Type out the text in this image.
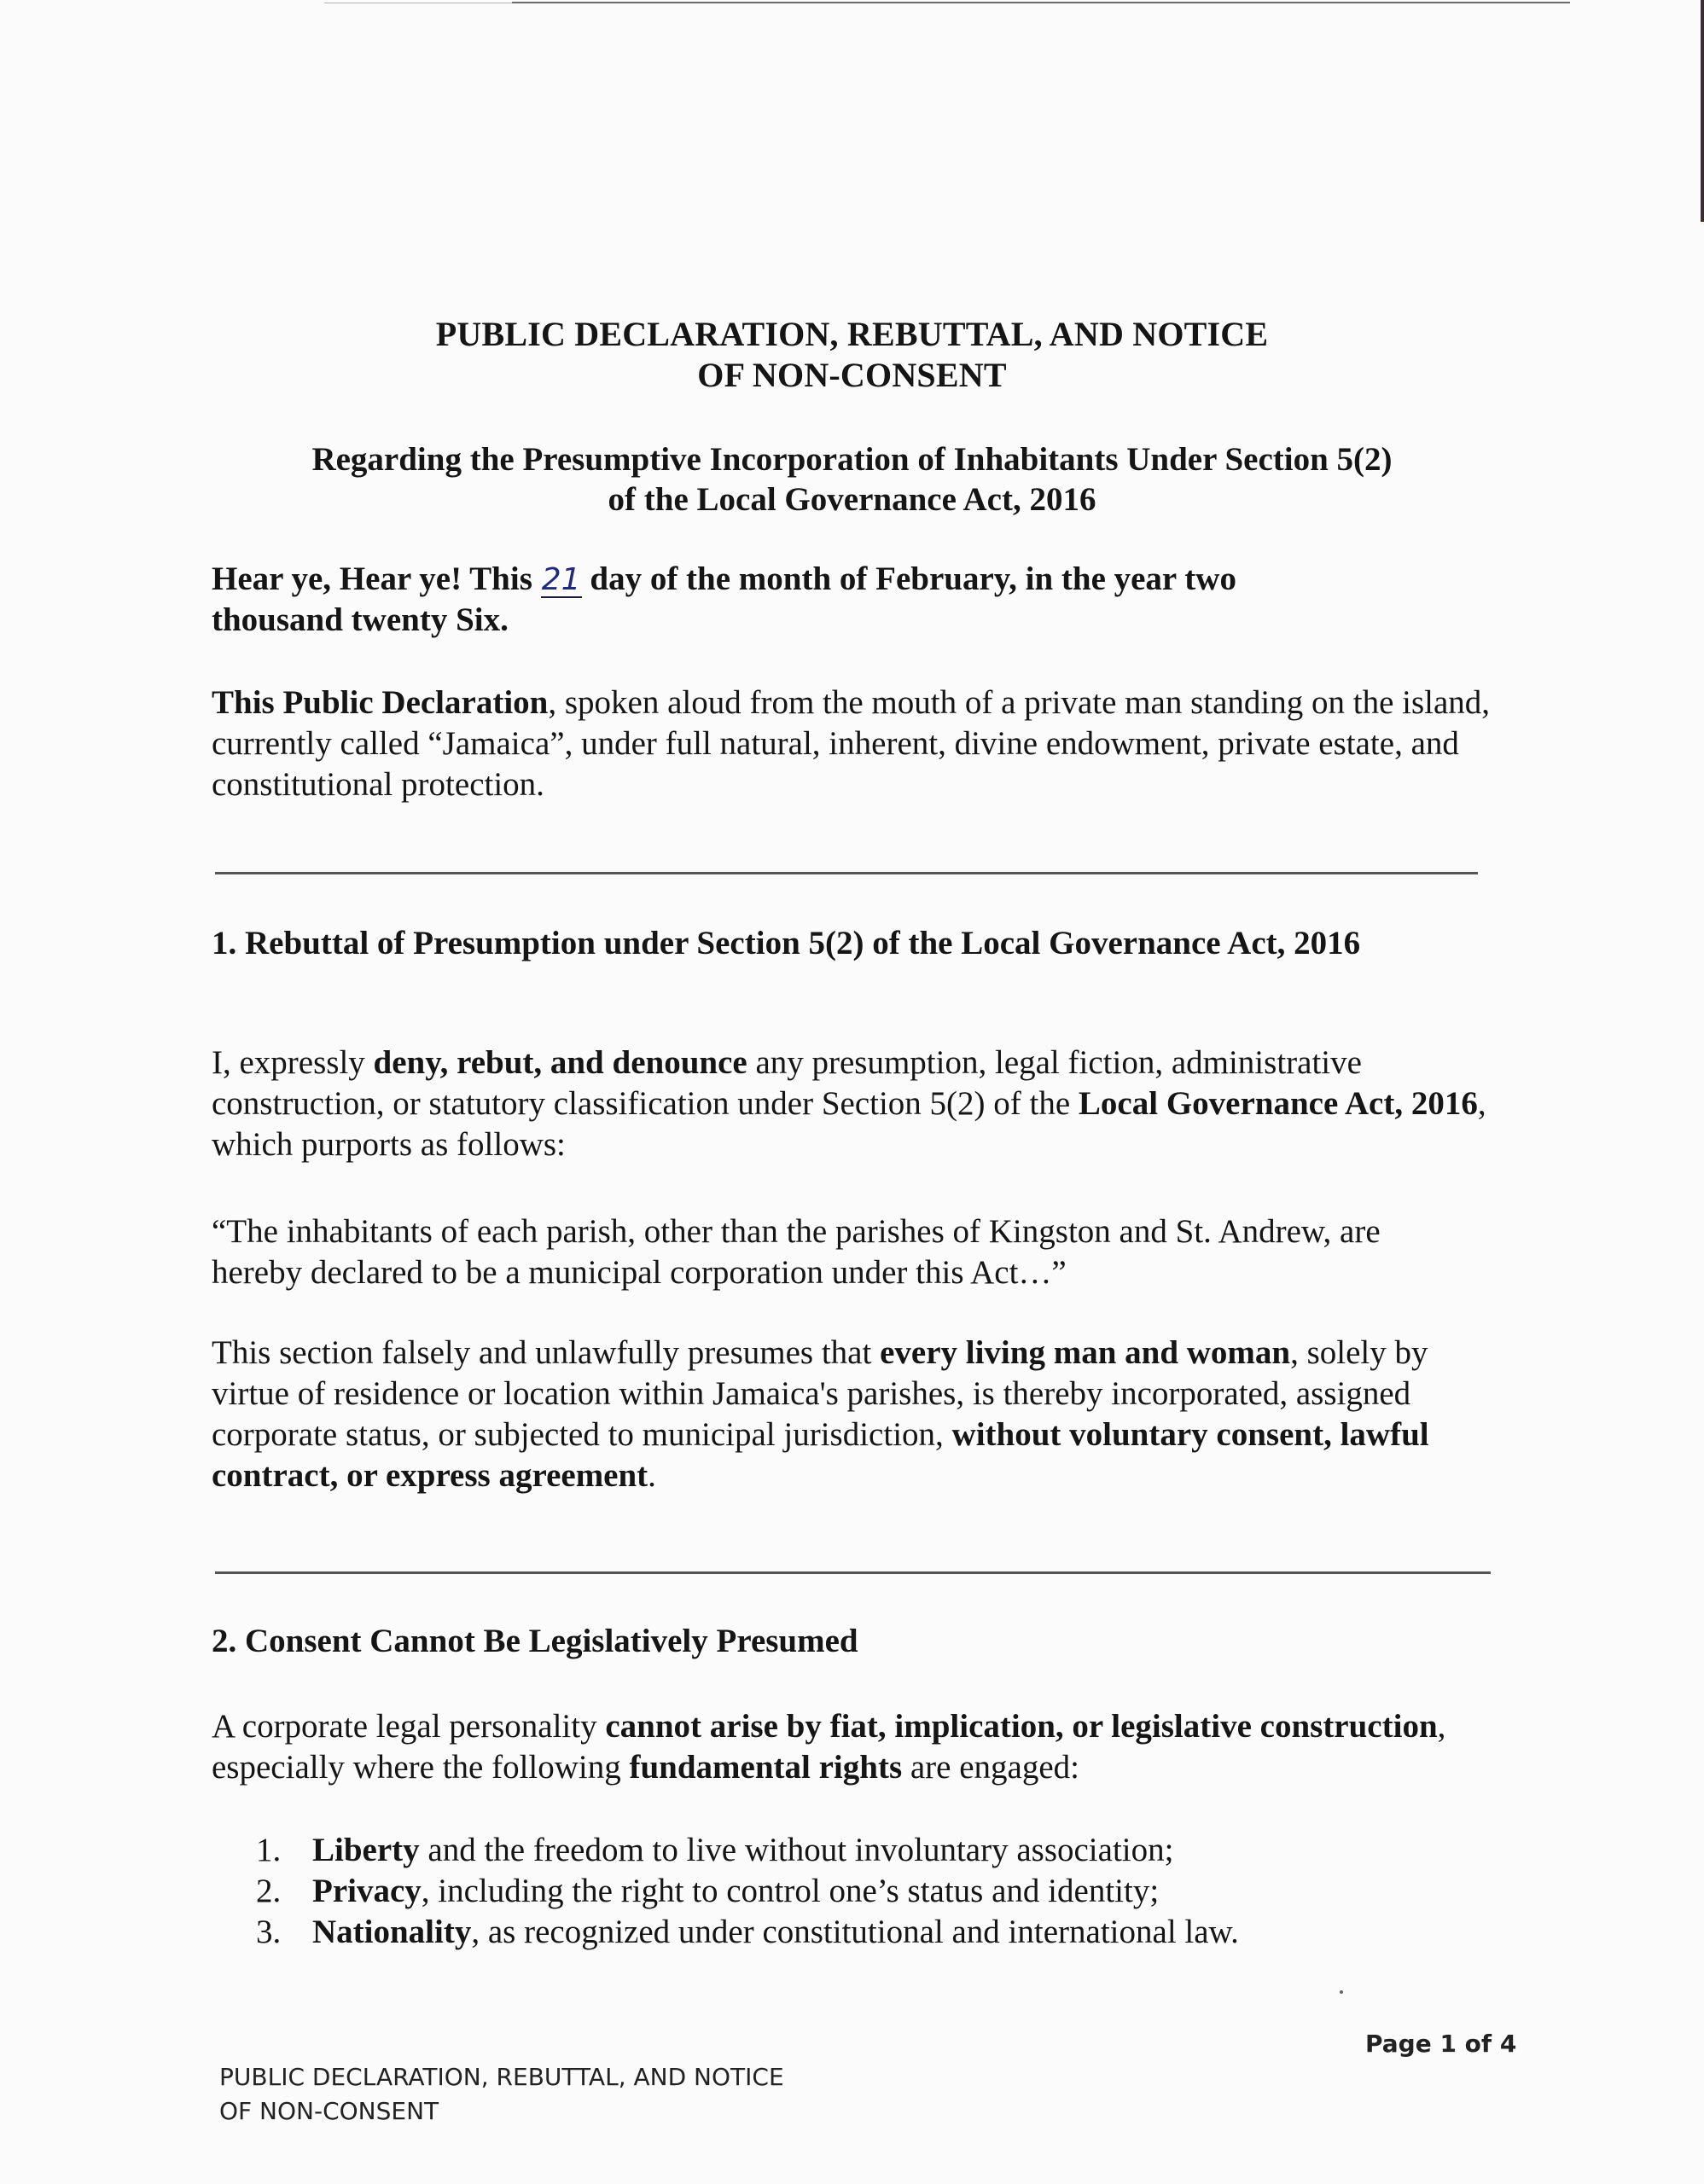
PUBLIC DECLARATION, REBUTTAL, AND NOTICE
OF NON-CONSENT
Regarding the Presumptive Incorporation of Inhabitants Under Section 5(2)
of the Local Governance Act, 2016
Hear ye, Hear ye! This 21 day of the month of February, in the year two
thousand twenty Six.
This Public Declaration, spoken aloud from the mouth of a private man standing on the island, currently called “Jamaica”, under full natural, inherent, divine endowment, private estate, and constitutional protection.
1. Rebuttal of Presumption under Section 5(2) of the Local Governance Act, 2016
I, expressly deny, rebut, and denounce any presumption, legal fiction, administrative construction, or statutory classification under Section 5(2) of the Local Governance Act, 2016, which purports as follows:
“The inhabitants of each parish, other than the parishes of Kingston and St. Andrew, are hereby declared to be a municipal corporation under this Act…”
This section falsely and unlawfully presumes that every living man and woman, solely by virtue of residence or location within Jamaica's parishes, is thereby incorporated, assigned corporate status, or subjected to municipal jurisdiction, without voluntary consent, lawful contract, or express agreement.
2. Consent Cannot Be Legislatively Presumed
A corporate legal personality cannot arise by fiat, implication, or legislative construction, especially where the following fundamental rights are engaged:
1. Liberty and the freedom to live without involuntary association;
2. Privacy, including the right to control one’s status and identity;
3. Nationality, as recognized under constitutional and international law.
Page 1 of 4
PUBLIC DECLARATION, REBUTTAL, AND NOTICE
OF NON-CONSENT
